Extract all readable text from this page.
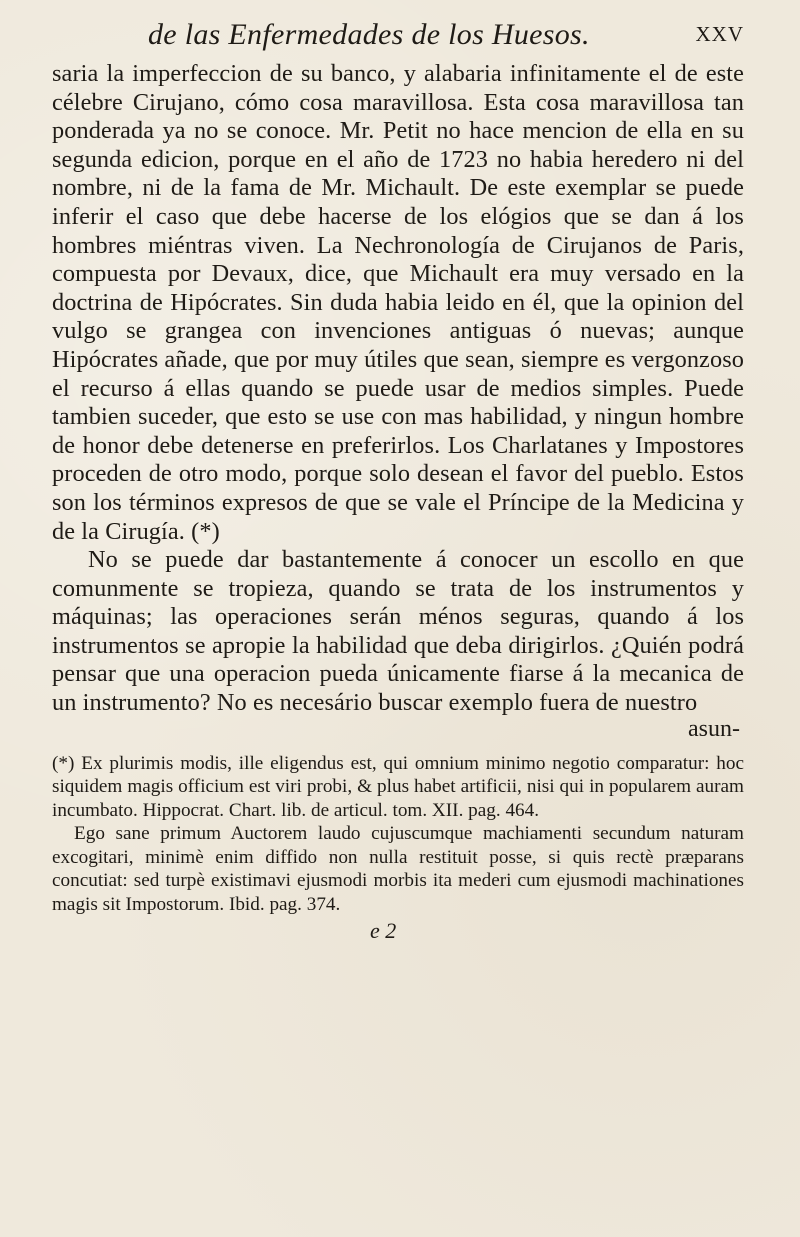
de las Enfermedades de los Huesos.	XXV

saria la imperfeccion de su banco, y alabaria infinitamente el de este célebre Cirujano, cómo cosa maravillosa. Esta cosa maravillosa tan ponderada ya no se conoce. Mr. Petit no hace mencion de ella en su segunda edicion, porque en el año de 1723 no habia heredero ni del nombre, ni de la fama de Mr. Michault. De este exemplar se puede inferir el caso que debe hacerse de los elógios que se dan á los hombres miéntras viven. La Nechronología de Cirujanos de Paris, compuesta por Devaux, dice, que Michault era muy versado en la doctrina de Hipócrates. Sin duda habia leido en él, que la opinion del vulgo se grangea con invenciones antiguas ó nuevas; aunque Hipócrates añade, que por muy útiles que sean, siempre es vergonzoso el recurso á ellas quando se puede usar de medios simples. Puede tambien suceder, que esto se use con mas habilidad, y ningun hombre de honor debe detenerse en preferirlos. Los Charlatanes y Impostores proceden de otro modo, porque solo desean el favor del pueblo. Estos son los términos expresos de que se vale el Príncipe de la Medicina y de la Cirugía. (*)

No se puede dar bastantemente á conocer un escollo en que comunmente se tropieza, quando se trata de los instrumentos y máquinas; las operaciones serán ménos seguras, quando á los instrumentos se apropie la habilidad que deba dirigirlos. ¿Quién podrá pensar que una operacion pueda únicamente fiarse á la mecanica de un instrumento? No es necesário buscar exemplo fuera de nuestro

asun-

(*) Ex plurimis modis, ille eligendus est, qui omnium minimo negotio comparatur: hoc siquidem magis officium est viri probi, & plus habet artificii, nisi qui in popularem auram incumbato. Hippocrat. Chart. lib. de articul. tom. XII. pag. 464.

Ego sane primum Auctorem laudo cujuscumque machiamenti secundum naturam excogitari, minimè enim diffido non nulla restituit posse, si quis rectè præparans concutiat: sed turpè existimavi ejusmodi morbis ita mederi cum ejusmodi machinationes magis sit Impostorum. Ibid. pag. 374.

e 2
